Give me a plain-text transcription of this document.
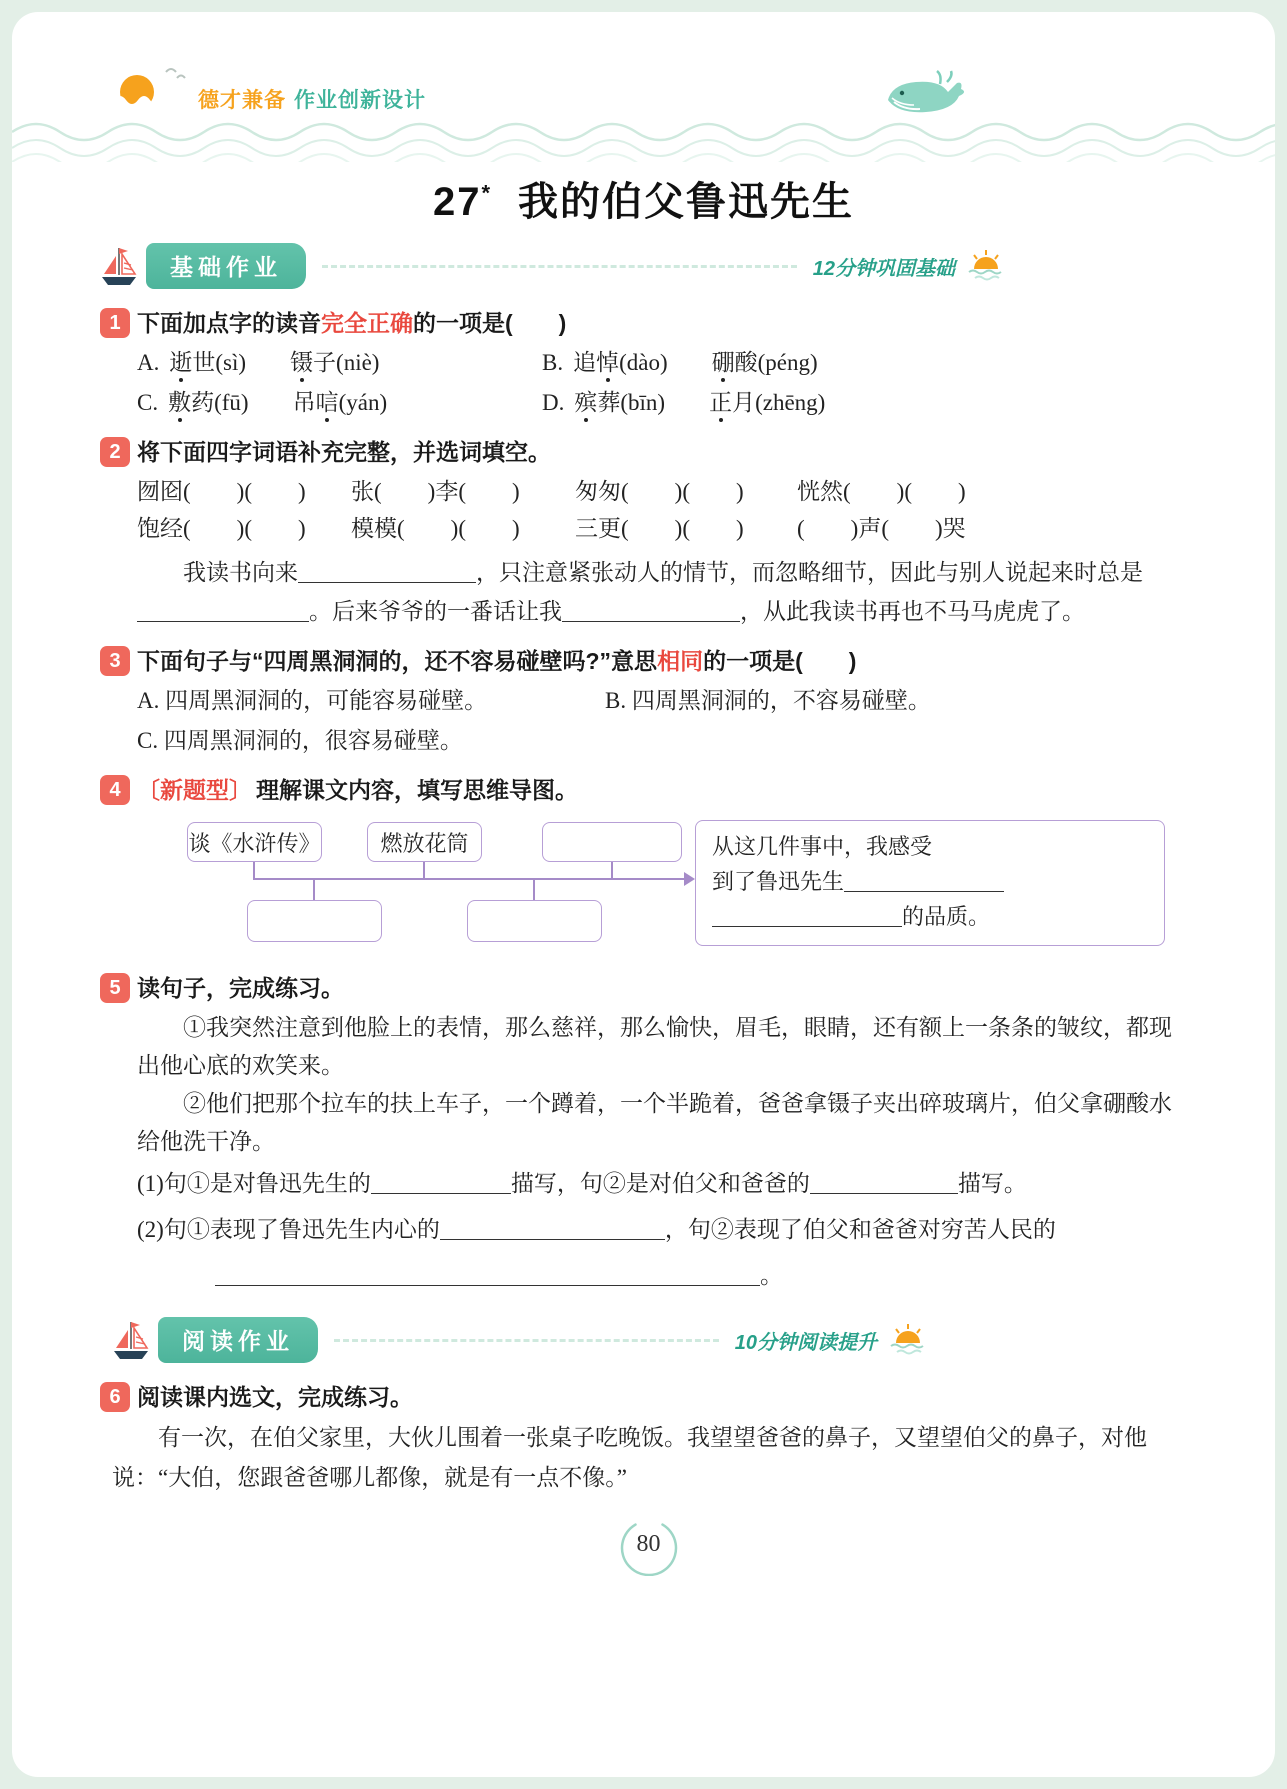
德才兼备 作业创新设计
27* 我的伯父鲁迅先生
基础作业	12分钟巩固基础
1 下面加点字的读音完全正确的一项是(　　)
A. 逝世(sì) 镊子(niè)	B. 追悼(dào) 硼酸(péng)
C. 敷药(fū) 吊唁(yán)	D. 殡葬(bīn) 正月(zhēng)
2 将下面四字词语补充完整，并选词填空。
囫囵(　　)(　　)	张(　　)李(　　)	匆匆(　　)(　　)	恍然(　　)(　　)
饱经(　　)(　　)	模模(　　)(　　)	三更(　　)(　　)	(　　)声(　　)哭

我读书向来	，只注意紧张动人的情节，而忽略细节，因此与别人说起来时总是。后来爷爷的一番话让我	，从此我读书再也不马马虎虎了。

3 下面句子与“四周黑洞洞的，还不容易碰壁吗?”意思相同的一项是(　　)
A. 四周黑洞洞的，可能容易碰壁。	B. 四周黑洞洞的，不容易碰壁。
C. 四周黑洞洞的，很容易碰壁。
4 〔新题型〕 理解课文内容，填写思维导图。
谈《水浒传》	燃放花筒	从这几件事中，我感受
到了鲁迅先生
的品质。
5 读句子，完成练习。

①我突然注意到他脸上的表情，那么慈祥，那么愉快，眉毛，眼睛，还有额上一条条的皱纹，都现出他心底的欢笑来。

②他们把那个拉车的扶上车子，一个蹲着，一个半跪着，爸爸拿镊子夹出碎玻璃片，伯父拿硼酸水给他洗干净。

(1)句①是对鲁迅先生的	描写，句②是对伯父和爸爸的	描写。

(2)句①表现了鲁迅先生内心的	，句②表现了伯父和爸爸对穷苦人民的

。

阅读作业	10分钟阅读提升
6 阅读课内选文，完成练习。

有一次，在伯父家里，大伙儿围着一张桌子吃晚饭。我望望爸爸的鼻子，又望望伯父的鼻子，对他说：“大伯，您跟爸爸哪儿都像，就是有一点不像。”

80
